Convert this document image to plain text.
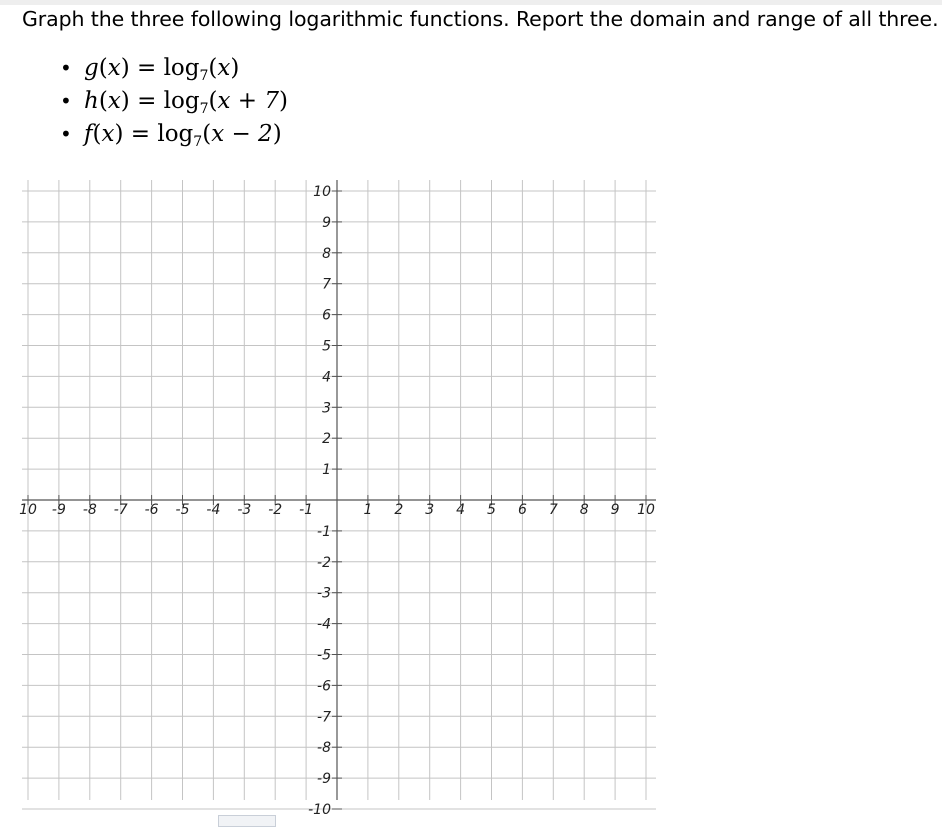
Graph the three following logarithmic functions. Report the domain and range of all three.

• $g(x) = \log_7(x)$
• $h(x) = \log_7(x + 7)$
• $f(x) = \log_7(x - 2)$
10 -9 -8 -7 -6 -5 -4 -3 -2 -1	1 2 3 4 5 6 7 8 9 10
10
9
8
7
6
5
4
3
2
1
-1
-2
-3
-4
-5
-6
-7
-8
-9
-10
